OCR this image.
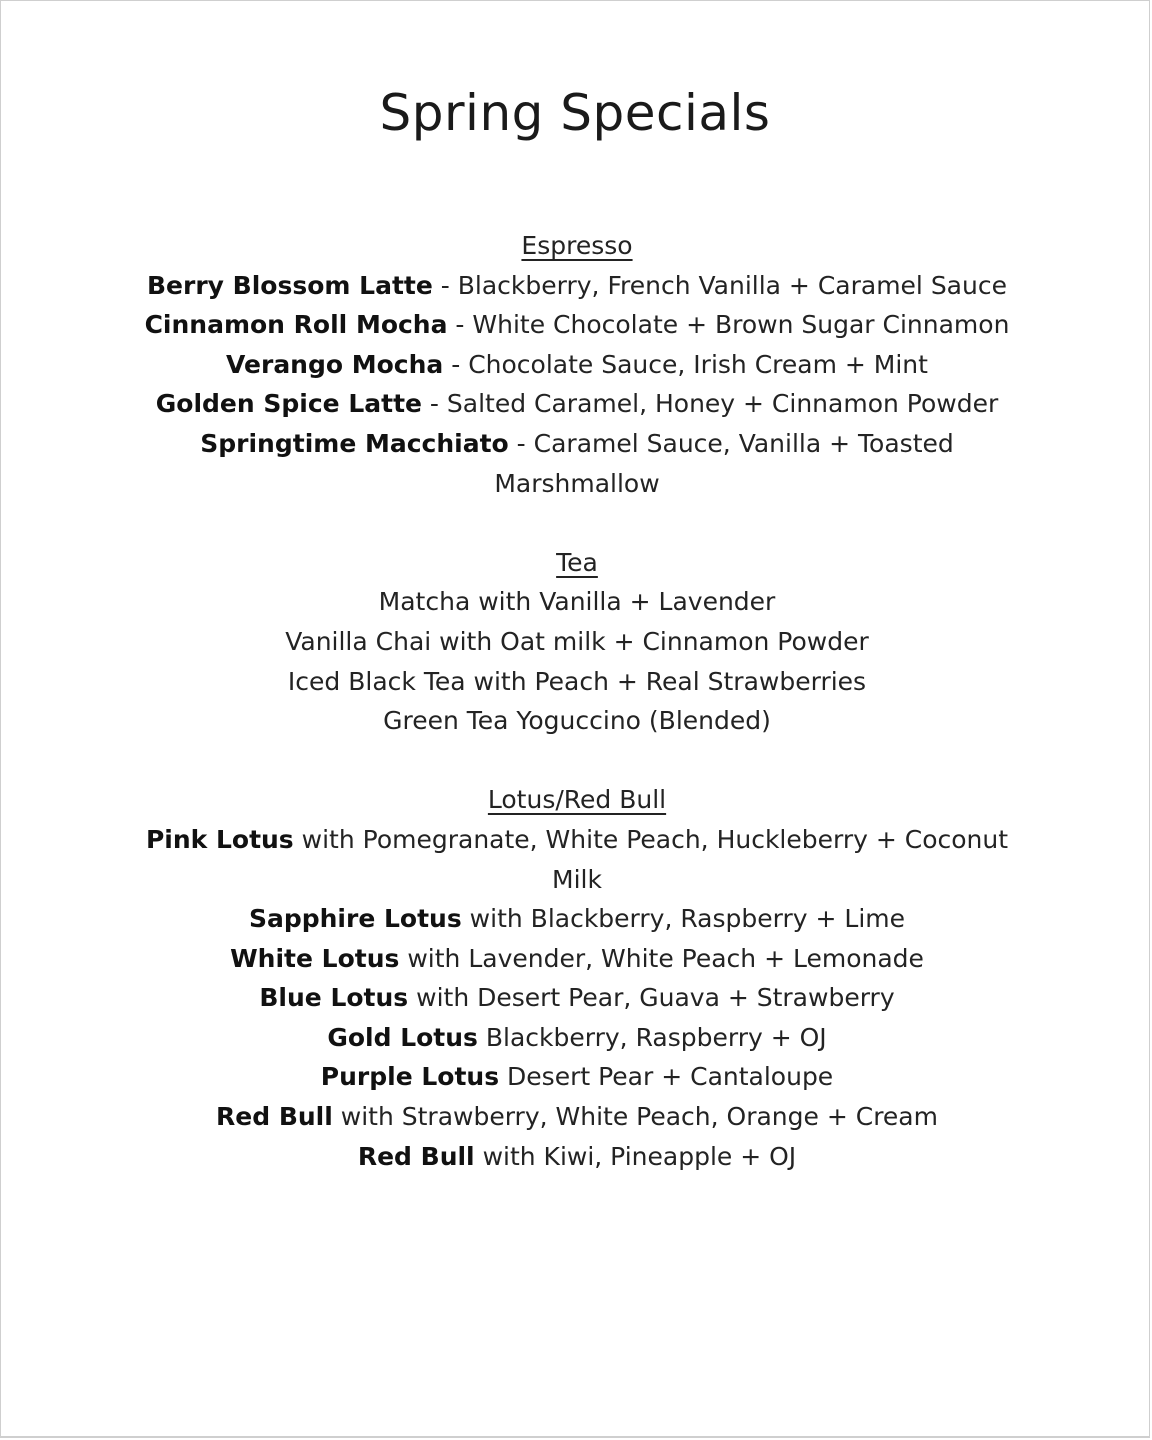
Spring Specials
Espresso

Berry Blossom Latte - Blackberry, French Vanilla + Caramel Sauce

Cinnamon Roll Mocha - White Chocolate + Brown Sugar Cinnamon

Verango Mocha - Chocolate Sauce, Irish Cream + Mint

Golden Spice Latte - Salted Caramel, Honey + Cinnamon Powder

Springtime Macchiato - Caramel Sauce, Vanilla + Toasted Marshmallow

Tea

Matcha with Vanilla + Lavender

Vanilla Chai with Oat milk + Cinnamon Powder

Iced Black Tea with Peach + Real Strawberries

Green Tea Yoguccino (Blended)

Lotus/Red Bull

Pink Lotus with Pomegranate, White Peach, Huckleberry + Coconut Milk

Sapphire Lotus with Blackberry, Raspberry + Lime

White Lotus with Lavender, White Peach + Lemonade

Blue Lotus with Desert Pear, Guava + Strawberry

Gold Lotus Blackberry, Raspberry + OJ

Purple Lotus Desert Pear + Cantaloupe

Red Bull with Strawberry, White Peach, Orange + Cream

Red Bull with Kiwi, Pineapple + OJ
